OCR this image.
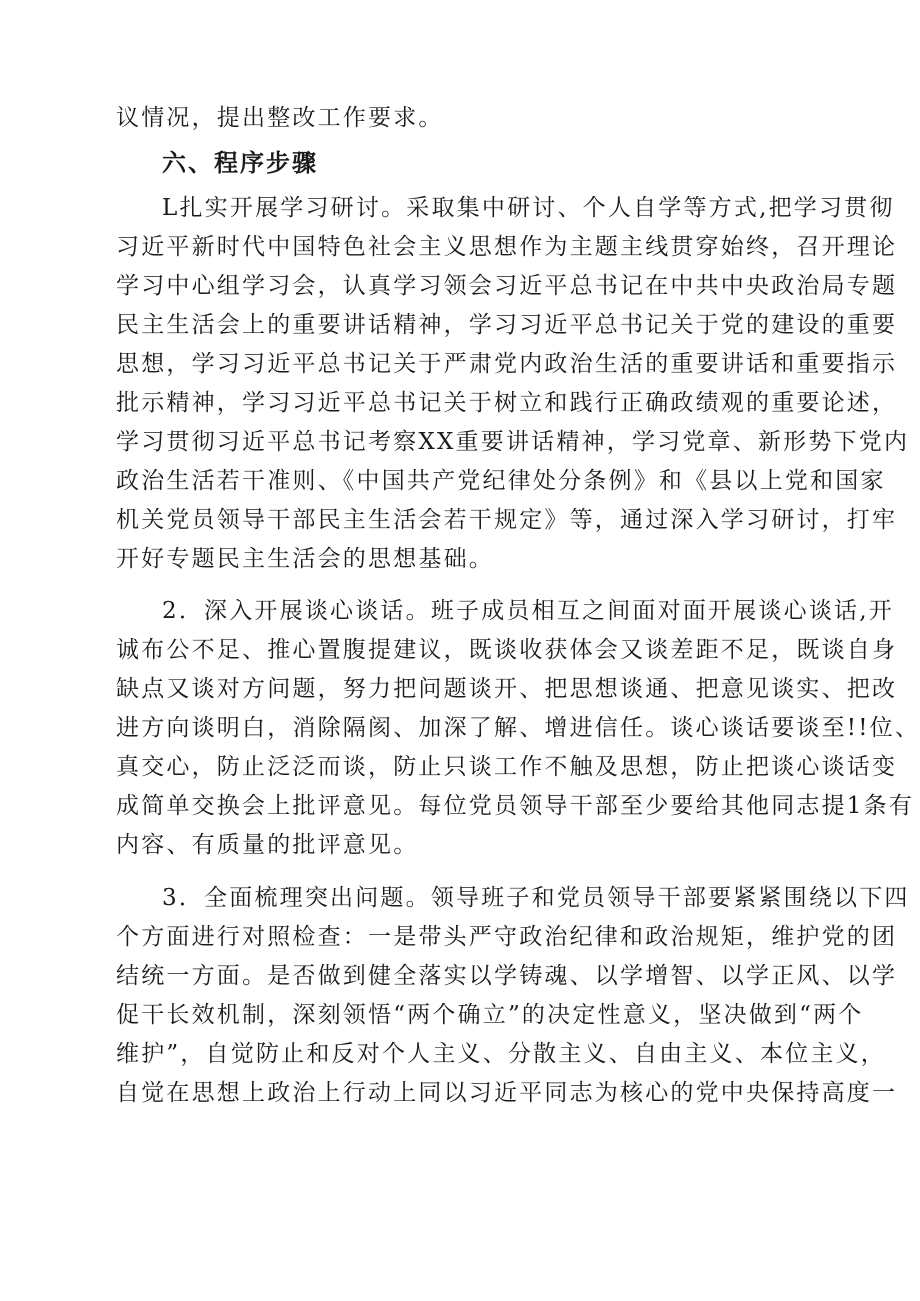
议情况，提出整改工作要求。
六、程序步骤
L扎实开展学习研讨。采取集中研讨、个人自学等方式,把学习贯彻
习近平新时代中国特色社会主义思想作为主题主线贯穿始终，召开理论
学习中心组学习会，认真学习领会习近平总书记在中共中央政治局专题
民主生活会上的重要讲话精神，学习习近平总书记关于党的建设的重要
思想，学习习近平总书记关于严肃党内政治生活的重要讲话和重要指示
批示精神，学习习近平总书记关于树立和践行正确政绩观的重要论述，
学习贯彻习近平总书记考察XX重要讲话精神，学习党章、新形势下党内
政治生活若干准则、《中国共产党纪律处分条例》和《县以上党和国家
机关党员领导干部民主生活会若干规定》等，通过深入学习研讨，打牢
开好专题民主生活会的思想基础。
2．深入开展谈心谈话。班子成员相互之间面对面开展谈心谈话,开
诚布公不足、推心置腹提建议，既谈收获体会又谈差距不足，既谈自身
缺点又谈对方问题，努力把问题谈开、把思想谈通、把意见谈实、把改
进方向谈明白，消除隔阂、加深了解、增进信任。谈心谈话要谈至!!位、
真交心，防止泛泛而谈，防止只谈工作不触及思想，防止把谈心谈话变
成简单交换会上批评意见。每位党员领导干部至少要给其他同志提1条有
内容、有质量的批评意见。
3．全面梳理突出问题。领导班子和党员领导干部要紧紧围绕以下四
个方面进行对照检查：一是带头严守政治纪律和政治规矩，维护党的团
结统一方面。是否做到健全落实以学铸魂、以学增智、以学正风、以学
促干长效机制，深刻领悟“两个确立”的决定性意义，坚决做到“两个
维护”，自觉防止和反对个人主义、分散主义、自由主义、本位主义，
自觉在思想上政治上行动上同以习近平同志为核心的党中央保持高度一
